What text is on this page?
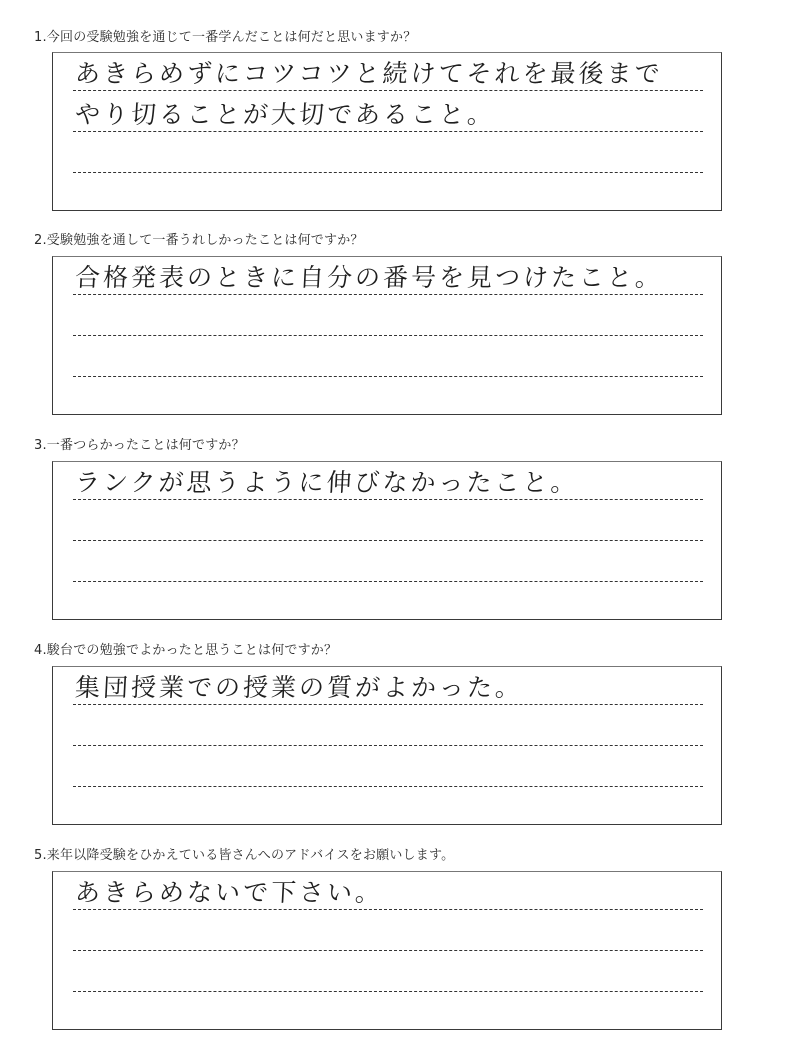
1.今回の受験勉強を通じて一番学んだことは何だと思いますか？
あきらめずにコツコツと続けてそれを最後まで
やり切ることが大切であること。
2.受験勉強を通して一番うれしかったことは何ですか？
合格発表のときに自分の番号を見つけたこと。
3.一番つらかったことは何ですか？
ランクが思うように伸びなかったこと。
4.駿台での勉強でよかったと思うことは何ですか？
集団授業での授業の質がよかった。
5.来年以降受験をひかえている皆さんへのアドバイスをお願いします。
あきらめないで下さい。
